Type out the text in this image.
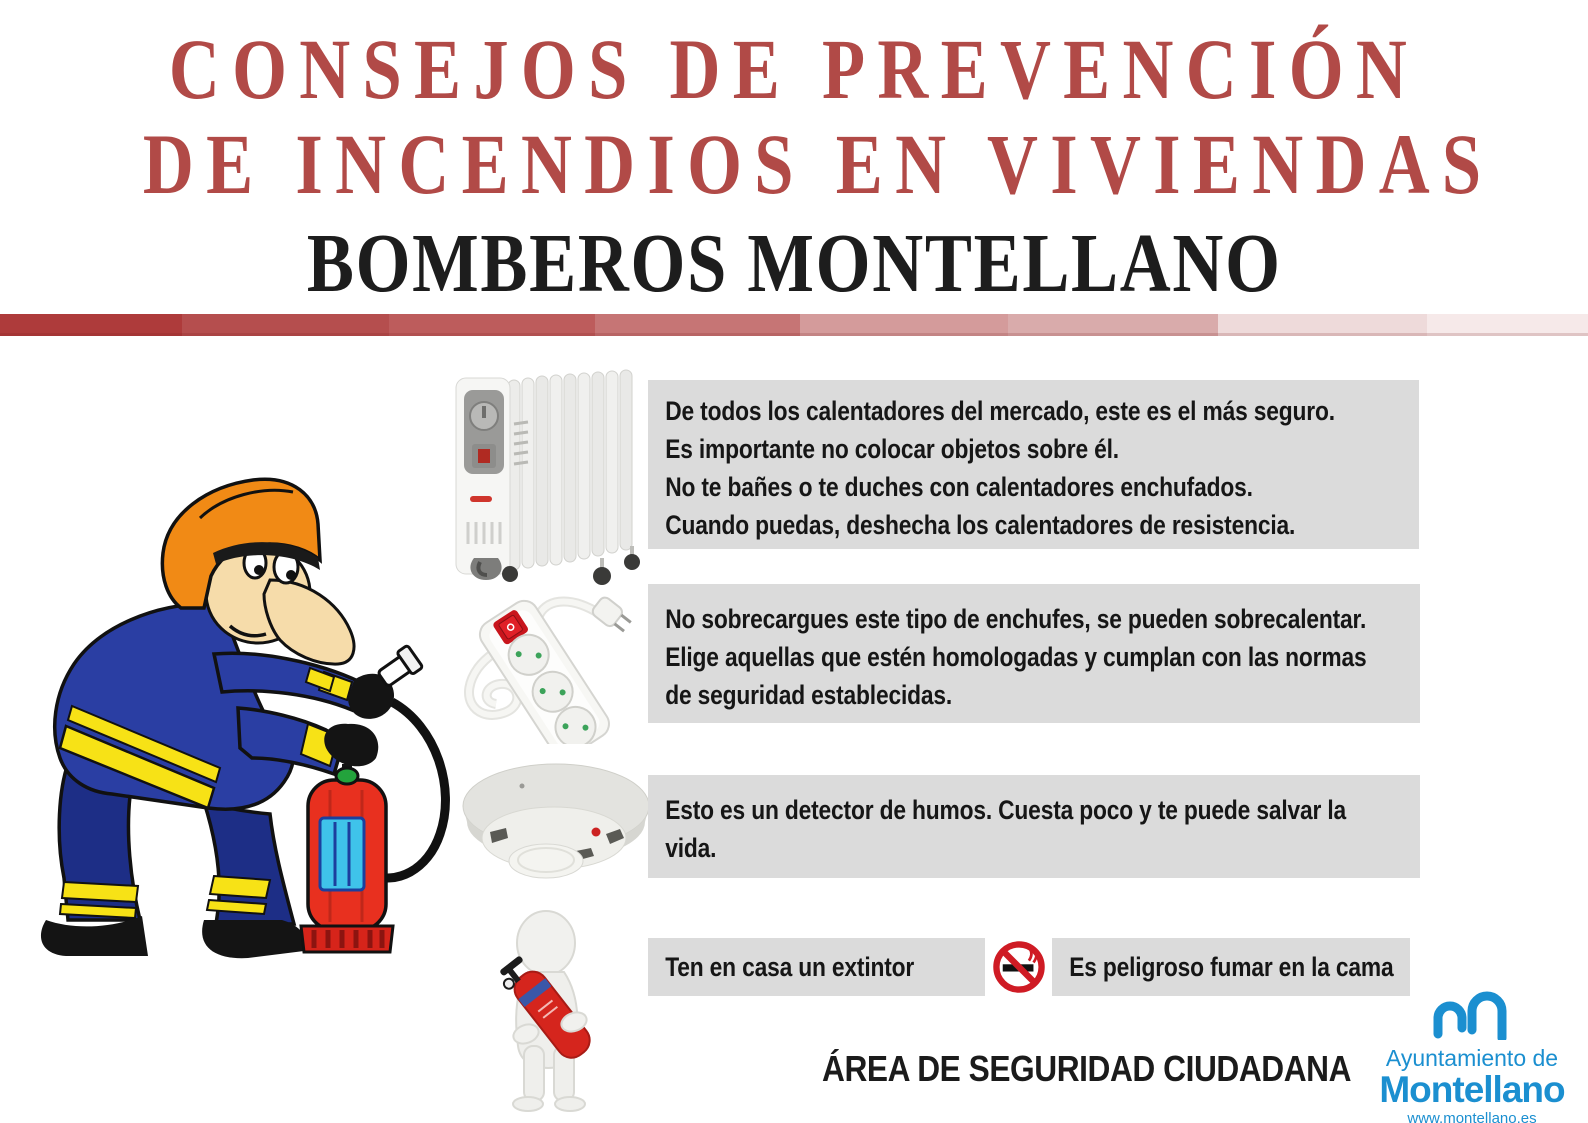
CONSEJOS DE PREVENCIÓN
DE INCENDIOS EN VIVIENDAS
BOMBEROS MONTELLANO
De todos los calentadores del mercado, este es el más seguro.
Es importante no colocar objetos sobre él.
No te bañes o te duches con calentadores enchufados.
Cuando puedas, deshecha los calentadores de resistencia.
No sobrecargues este tipo de enchufes, se pueden sobrecalentar.
Elige aquellas que estén homologadas y cumplan con las normas
de seguridad establecidas.
Esto es un detector de humos. Cuesta poco y te puede salvar la
vida.
Ten en casa un extintor	Es peligroso fumar en la cama
ÁREA DE SEGURIDAD CIUDADANA	Ayuntamiento de
Montellano
www.montellano.es
